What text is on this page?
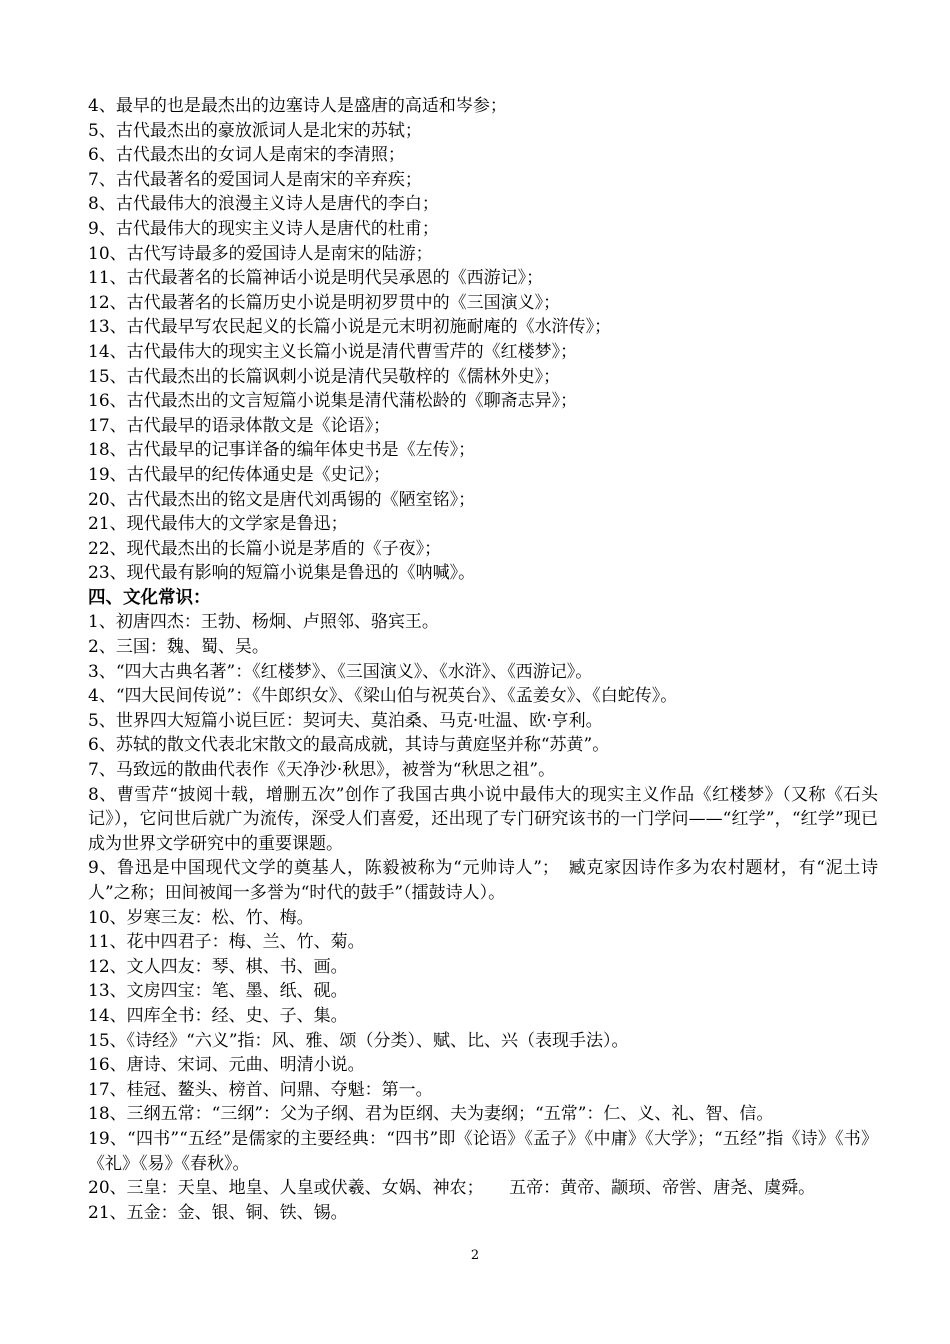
4、最早的也是最杰出的边塞诗人是盛唐的高适和岑参；

5、古代最杰出的豪放派词人是北宋的苏轼；

6、古代最杰出的女词人是南宋的李清照；

7、古代最著名的爱国词人是南宋的辛弃疾；

8、古代最伟大的浪漫主义诗人是唐代的李白；

9、古代最伟大的现实主义诗人是唐代的杜甫；

10、古代写诗最多的爱国诗人是南宋的陆游；

11、古代最著名的长篇神话小说是明代吴承恩的《西游记》；

12、古代最著名的长篇历史小说是明初罗贯中的《三国演义》；

13、古代最早写农民起义的长篇小说是元末明初施耐庵的《水浒传》；

14、古代最伟大的现实主义长篇小说是清代曹雪芹的《红楼梦》；

15、古代最杰出的长篇讽刺小说是清代吴敬梓的《儒林外史》；

16、古代最杰出的文言短篇小说集是清代蒲松龄的《聊斋志异》；

17、古代最早的语录体散文是《论语》；

18、古代最早的记事详备的编年体史书是《左传》；

19、古代最早的纪传体通史是《史记》；

20、古代最杰出的铭文是唐代刘禹锡的《陋室铭》；

21、现代最伟大的文学家是鲁迅；

22、现代最杰出的长篇小说是茅盾的《子夜》；

23、现代最有影响的短篇小说集是鲁迅的《呐喊》。

四、文化常识：

1、初唐四杰：王勃、杨炯、卢照邻、骆宾王。

2、三国：魏、蜀、吴。

3、“四大古典名著”：《红楼梦》、《三国演义》、《水浒》、《西游记》。

4、“四大民间传说”：《牛郎织女》、《梁山伯与祝英台》、《孟姜女》、《白蛇传》。

5、世界四大短篇小说巨匠：契诃夫、莫泊桑、马克·吐温、欧·亨利。

6、苏轼的散文代表北宋散文的最高成就，其诗与黄庭坚并称“苏黄”。

7、马致远的散曲代表作《天净沙·秋思》，被誉为“秋思之祖”。

8、曹雪芹“披阅十载，增删五次”创作了我国古典小说中最伟大的现实主义作品《红楼梦》（又称《石头记》），它问世后就广为流传，深受人们喜爱，还出现了专门研究该书的一门学问——“红学”，“红学”现已成为世界文学研究中的重要课题。

9、鲁迅是中国现代文学的奠基人，陈毅被称为“元帅诗人”；　臧克家因诗作多为农村题材，有“泥土诗人”之称；田间被闻一多誉为“时代的鼓手”（擂鼓诗人）。

10、岁寒三友：松、竹、梅。

11、花中四君子：梅、兰、竹、菊。

12、文人四友：琴、棋、书、画。

13、文房四宝：笔、墨、纸、砚。

14、四库全书：经、史、子、集。

15、《诗经》“六义”指：风、雅、颂（分类）、赋、比、兴（表现手法）。

16、唐诗、宋词、元曲、明清小说。

17、桂冠、鳌头、榜首、问鼎、夺魁：第一。

18、三纲五常：“三纲”：父为子纲、君为臣纲、夫为妻纲；“五常”：仁、义、礼、智、信。

19、“四书”“五经”是儒家的主要经典：“四书”即《论语》《孟子》《中庸》《大学》；“五经”指《诗》《书》《礼》《易》《春秋》。

20、三皇：天皇、地皇、人皇或伏羲、女娲、神农；　　五帝：黄帝、颛顼、帝喾、唐尧、虞舜。

21、五金：金、银、铜、铁、锡。

2
